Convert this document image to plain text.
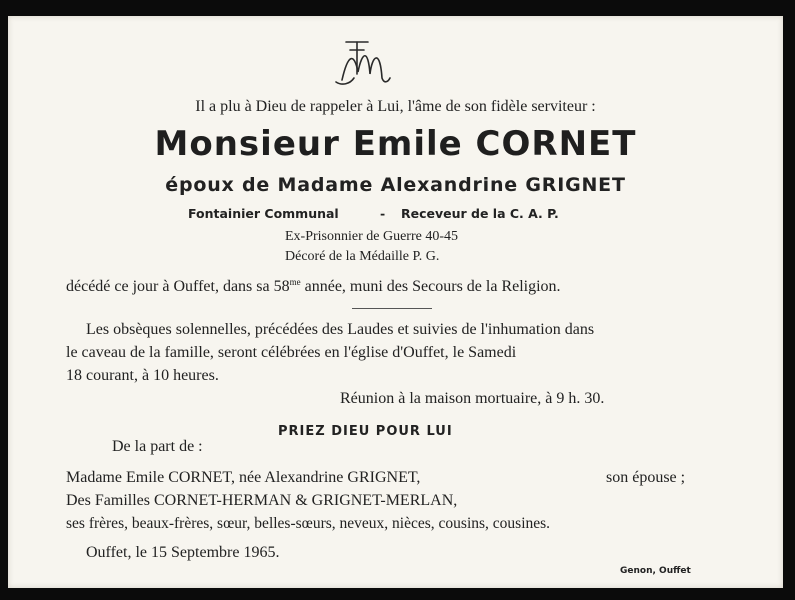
Il a plu à Dieu de rappeler à Lui, l'âme de son fidèle serviteur :
Monsieur Emile CORNET
époux de Madame Alexandrine GRIGNET
Fontainier Communal	- Receveur de la C. A. P.
Ex-Prisonnier de Guerre 40-45
Décoré de la Médaille P. G.
décédé ce jour à Ouffet, dans sa $58^{me}$ année, muni des Secours de la Religion.
Les obsèques solennelles, précédées des Laudes et suivies de l'inhumation dans
le caveau de la famille, seront célébrées en l'église d'Ouffet, le Samedi
18 courant, à 10 heures.
Réunion à la maison mortuaire, à 9 h. 30.
PRIEZ DIEU POUR LUI
De la part de :
Madame Emile CORNET, née Alexandrine GRIGNET,	son épouse ;
Des Familles CORNET-HERMAN & GRIGNET-MERLAN,
ses frères, beaux-frères, sœur, belles-sœurs, neveux, nièces, cousins, cousines.
Ouffet, le 15 Septembre 1965.
Genon, Ouffet
